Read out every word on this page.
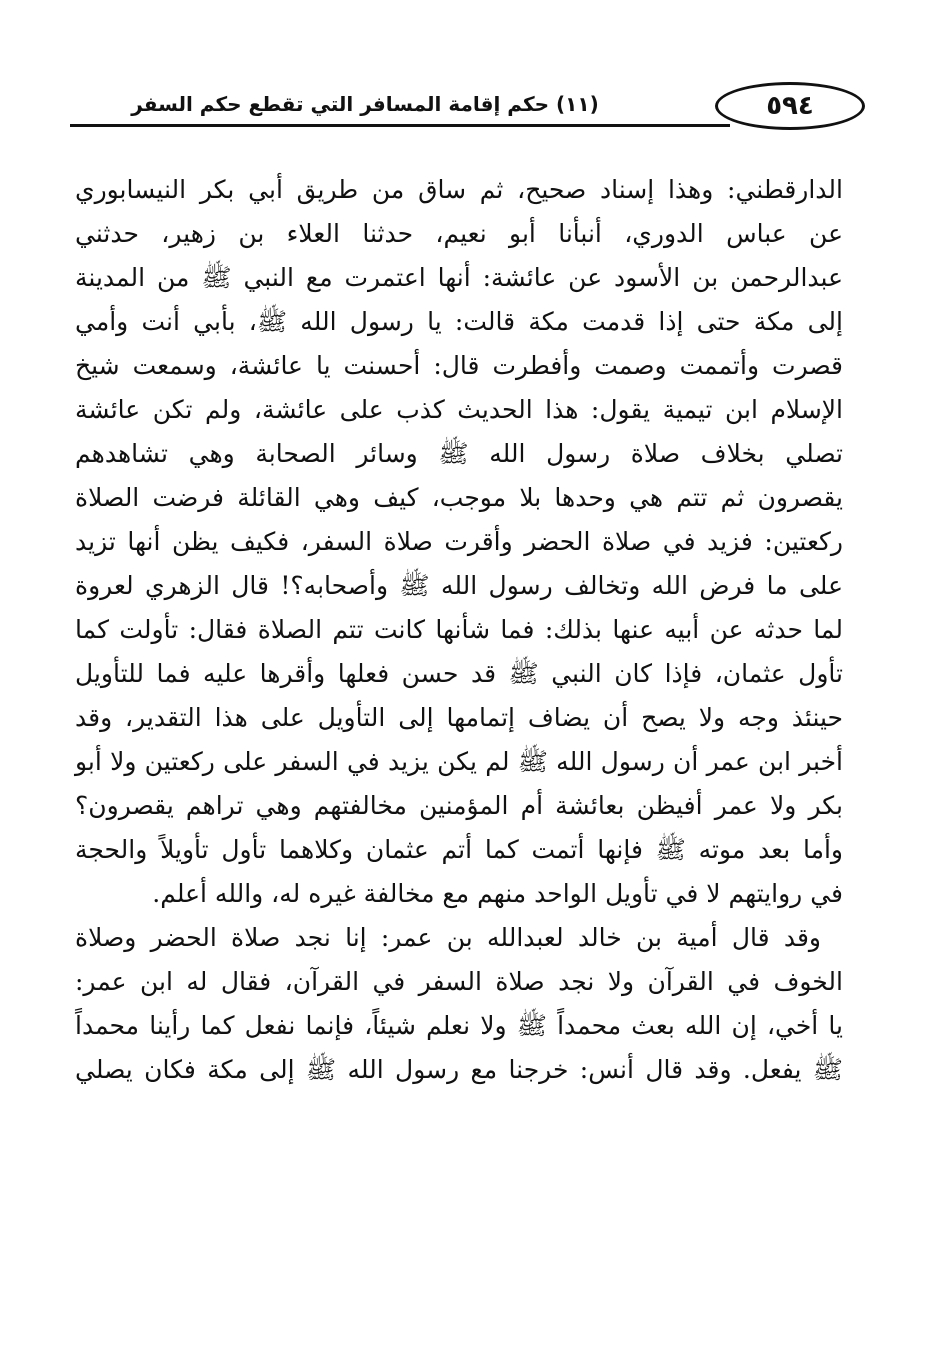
(١١) حكم إقامة المسافر التي تقطع حكم السفر	٥٩٤
الدارقطني: وهذا إسناد صحيح، ثم ساق من طريق أبي بكر النيسابوري
عن عباس الدوري، أنبأنا أبو نعيم، حدثنا العلاء بن زهير، حدثني
عبدالرحمن بن الأسود عن عائشة: أنها اعتمرت مع النبي ﷺ من المدينة
إلى مكة حتى إذا قدمت مكة قالت: يا رسول الله ﷺ، بأبي أنت وأمي
قصرت وأتممت وصمت وأفطرت قال: أحسنت يا عائشة، وسمعت شيخ
الإسلام ابن تيمية يقول: هذا الحديث كذب على عائشة، ولم تكن عائشة
تصلي بخلاف صلاة رسول الله ﷺ وسائر الصحابة وهي تشاهدهم
يقصرون ثم تتم هي وحدها بلا موجب، كيف وهي القائلة فرضت الصلاة
ركعتين: فزيد في صلاة الحضر وأقرت صلاة السفر، فكيف يظن أنها تزيد
على ما فرض الله وتخالف رسول الله ﷺ وأصحابه؟! قال الزهري لعروة
لما حدثه عن أبيه عنها بذلك: فما شأنها كانت تتم الصلاة فقال: تأولت كما
تأول عثمان، فإذا كان النبي ﷺ قد حسن فعلها وأقرها عليه فما للتأويل
حينئذ وجه ولا يصح أن يضاف إتمامها إلى التأويل على هذا التقدير، وقد
أخبر ابن عمر أن رسول الله ﷺ لم يكن يزيد في السفر على ركعتين ولا أبو
بكر ولا عمر أفيظن بعائشة أم المؤمنين مخالفتهم وهي تراهم يقصرون؟
وأما بعد موته ﷺ فإنها أتمت كما أتم عثمان وكلاهما تأول تأويلاً والحجة
في روايتهم لا في تأويل الواحد منهم مع مخالفة غيره له، والله أعلم.
وقد قال أمية بن خالد لعبدالله بن عمر: إنا نجد صلاة الحضر وصلاة
الخوف في القرآن ولا نجد صلاة السفر في القرآن، فقال له ابن عمر:
يا أخي، إن الله بعث محمداً ﷺ ولا نعلم شيئاً، فإنما نفعل كما رأينا محمداً
ﷺ يفعل. وقد قال أنس: خرجنا مع رسول الله ﷺ إلى مكة فكان يصلي
